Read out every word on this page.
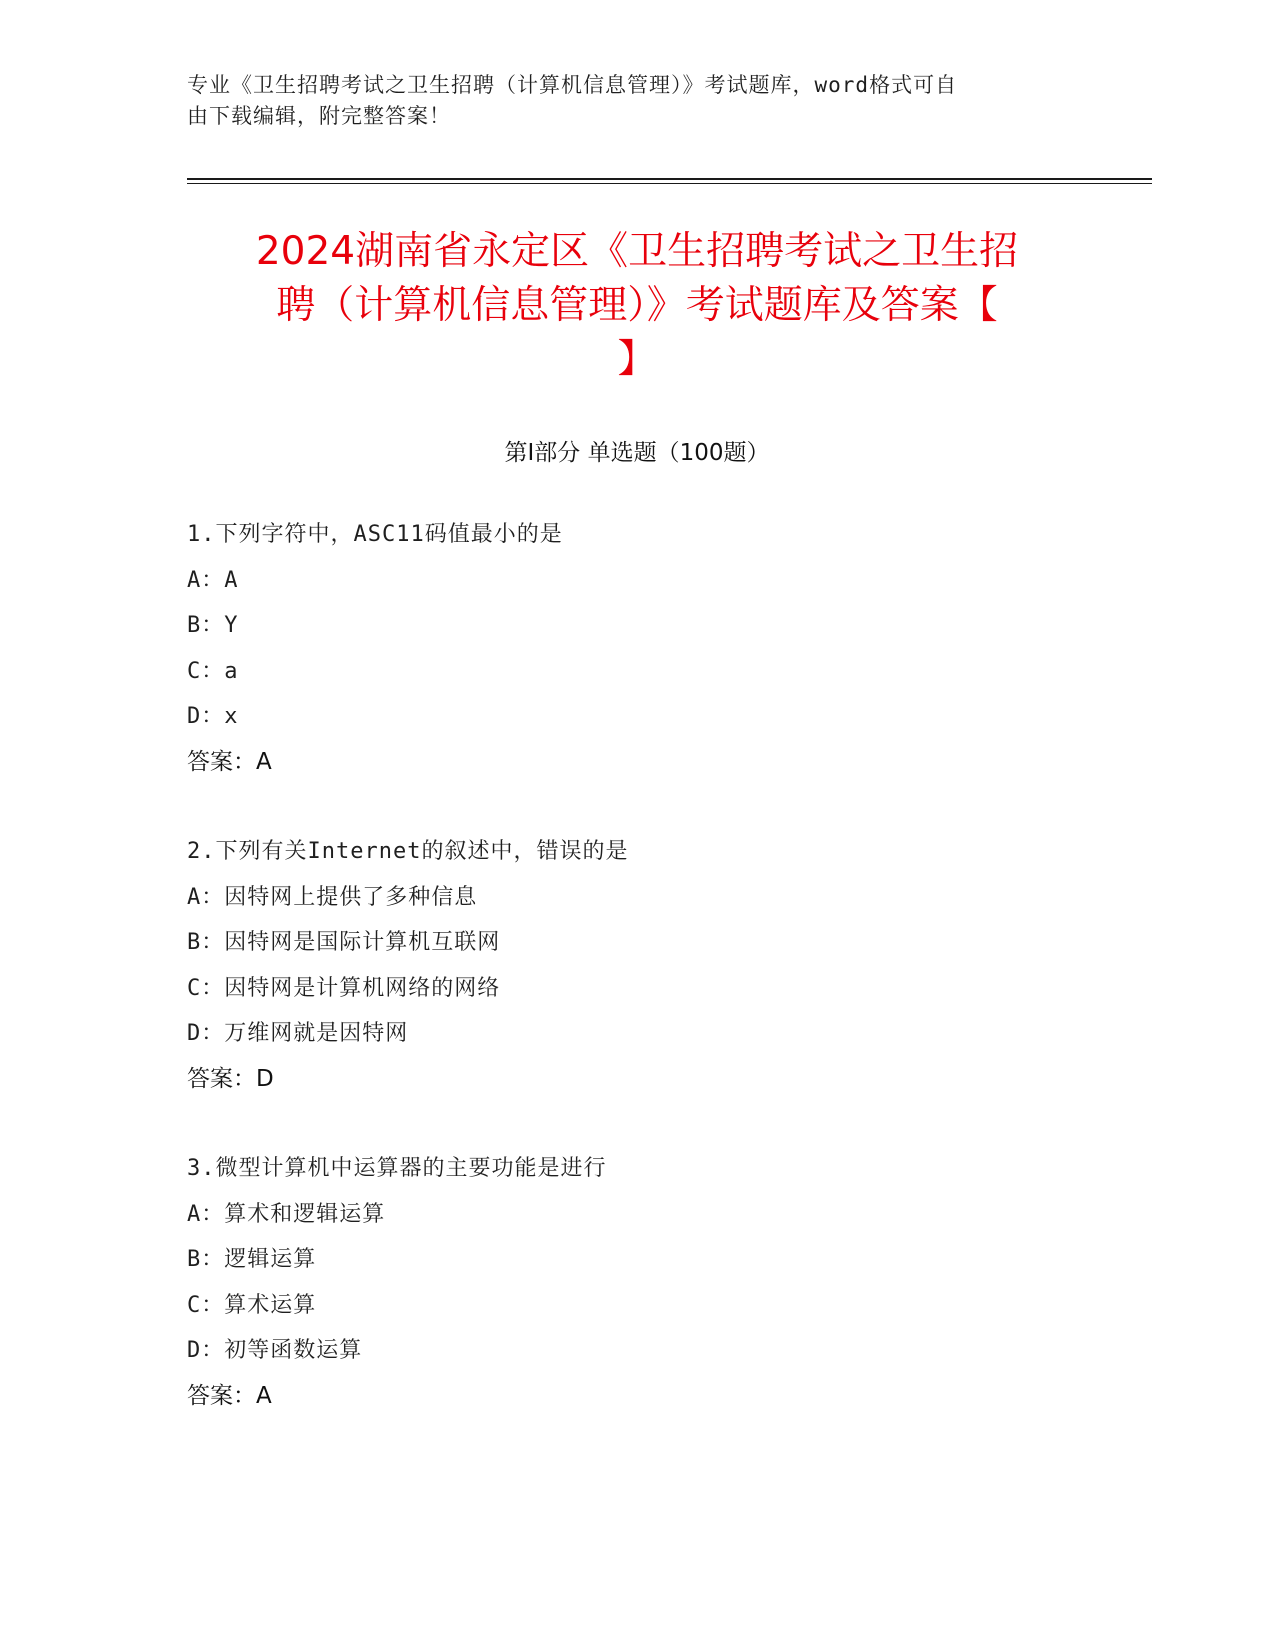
专业《卫生招聘考试之卫生招聘（计算机信息管理）》考试题库，word格式可自
由下载编辑，附完整答案！
2024湖南省永定区《卫生招聘考试之卫生招
聘（计算机信息管理）》考试题库及答案【
】
第Ⅰ部分 单选题（100题）
1.下列字符中，ASC11码值最小的是
A：A
B：Y
C：a
D：x
答案：A
2.下列有关Internet的叙述中，错误的是
A：因特网上提供了多种信息
B：因特网是国际计算机互联网
C：因特网是计算机网络的网络
D：万维网就是因特网
答案：D
3.微型计算机中运算器的主要功能是进行
A：算术和逻辑运算
B：逻辑运算
C：算术运算
D：初等函数运算
答案：A
